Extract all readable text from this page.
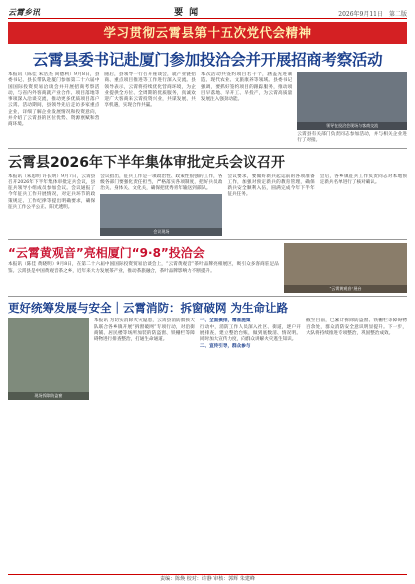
云霄乡讯	要闻	2026年9月11日　第二版
学习贯彻云霄县第十五次党代会精神
云霄县委书记赴厦门参加投洽会并开展招商考察活动
本报讯（陈佳 朱浩杰 尚德利）9月8日，县委书记、县长带队赴厦门参加第二十六届中国国际投资贸易洽谈会并开展招商考察活动，与省内外客商就产业合作、项目落地等事项深入洽谈交流，推动更多优质项目落户云霄。活动期间，县领导先后走访多家重点企业，详细了解企业发展情况和投资意向，并介绍了云霄县的区位优势、资源禀赋和营商环境。
随后，县领导一行召开座谈会，就产业链招商、重点项目推进等工作进行深入交流。县领导表示，云霄将持续优化营商环境，为企业提供全方位、全周期的优质服务，真诚欢迎广大客商来云霄投资兴业，共谋发展、共享机遇，实现合作共赢。
本次活动共签约项目若干个，涵盖先进制造、现代农业、文旅康养等领域。县委书记强调，要抓好签约项目的跟踪服务，推动项目早落地、早开工、早投产，为云霄高质量发展注入强劲动能。
领导在投洽会现场与客商交流
云霄县有关部门负责同志参加活动，并与相关企业进行了对接。
云霄县2026年下半年集体审批定兵会议召开
本报讯（朱思明 许长明）9月7日，云霄县召开2026年下半年集体审批定兵会议，县征兵领导小组成员参加会议。会议通报了今年征兵工作开展情况，对定兵环节的政策规定、工作纪律等提出明确要求，确保征兵工作公平公正、阳光透明。
会议指出，征兵工作是一项政治性、政策性很强的工作，各级各部门要强化责任担当，严格落实各项制度，把好兵员政治关、身体关、文化关，确保把优秀青年输送到部队。
会议现场
会议要求，要做好新兵起运前的各项准备工作，加强对预定新兵的教育管理，确保新兵安全顺利入伍，圆满完成今年下半年征兵任务。
会后，各乡镇征兵工作负责同志对本地预定新兵名单进行了核对确认。
“云霄黄观音”亮相厦门“9·8”投洽会
本报讯（陈佳 黄晓明）9月8日，在第二十六届中国国际投资贸易洽谈会上，“云霄黄观音”茶叶品牌亮相展区，吸引众多客商驻足品鉴。云霄县是中国黄观音茶之乡，近年来大力发展茶产业，推动茶旅融合，茶叶品牌影响力不断提升。
“云霄黄观音”展台
更好统筹发展与安全｜云霄消防：拆窗破网 为生命让路
现场拆除防盗窗
本报讯 为切实消除火灾隐患，云霄县消防救援大队联合各乡镇开展“拆窗破网”专项行动，对沿街商铺、居民楼等场所加装的防盗窗、铁栅栏等障碍物进行排查整治，打通生命通道。
一、全面摸排，精准施策
行动中，消防工作人员深入社区、街道，逐户开展排查，建立整治台账，做到底数清、情况明。同时加大宣传力度，向群众讲解火灾逃生知识。
二、宣传引导，群众参与
截至目前，已累计拆除防盗窗、铁栅栏等障碍物百余处，群众消防安全意识明显提升。下一步，大队将持续推进专项整治，巩固整治成效。
责编：陈焕 校对：许静 审核：郭辉 朱建峰
